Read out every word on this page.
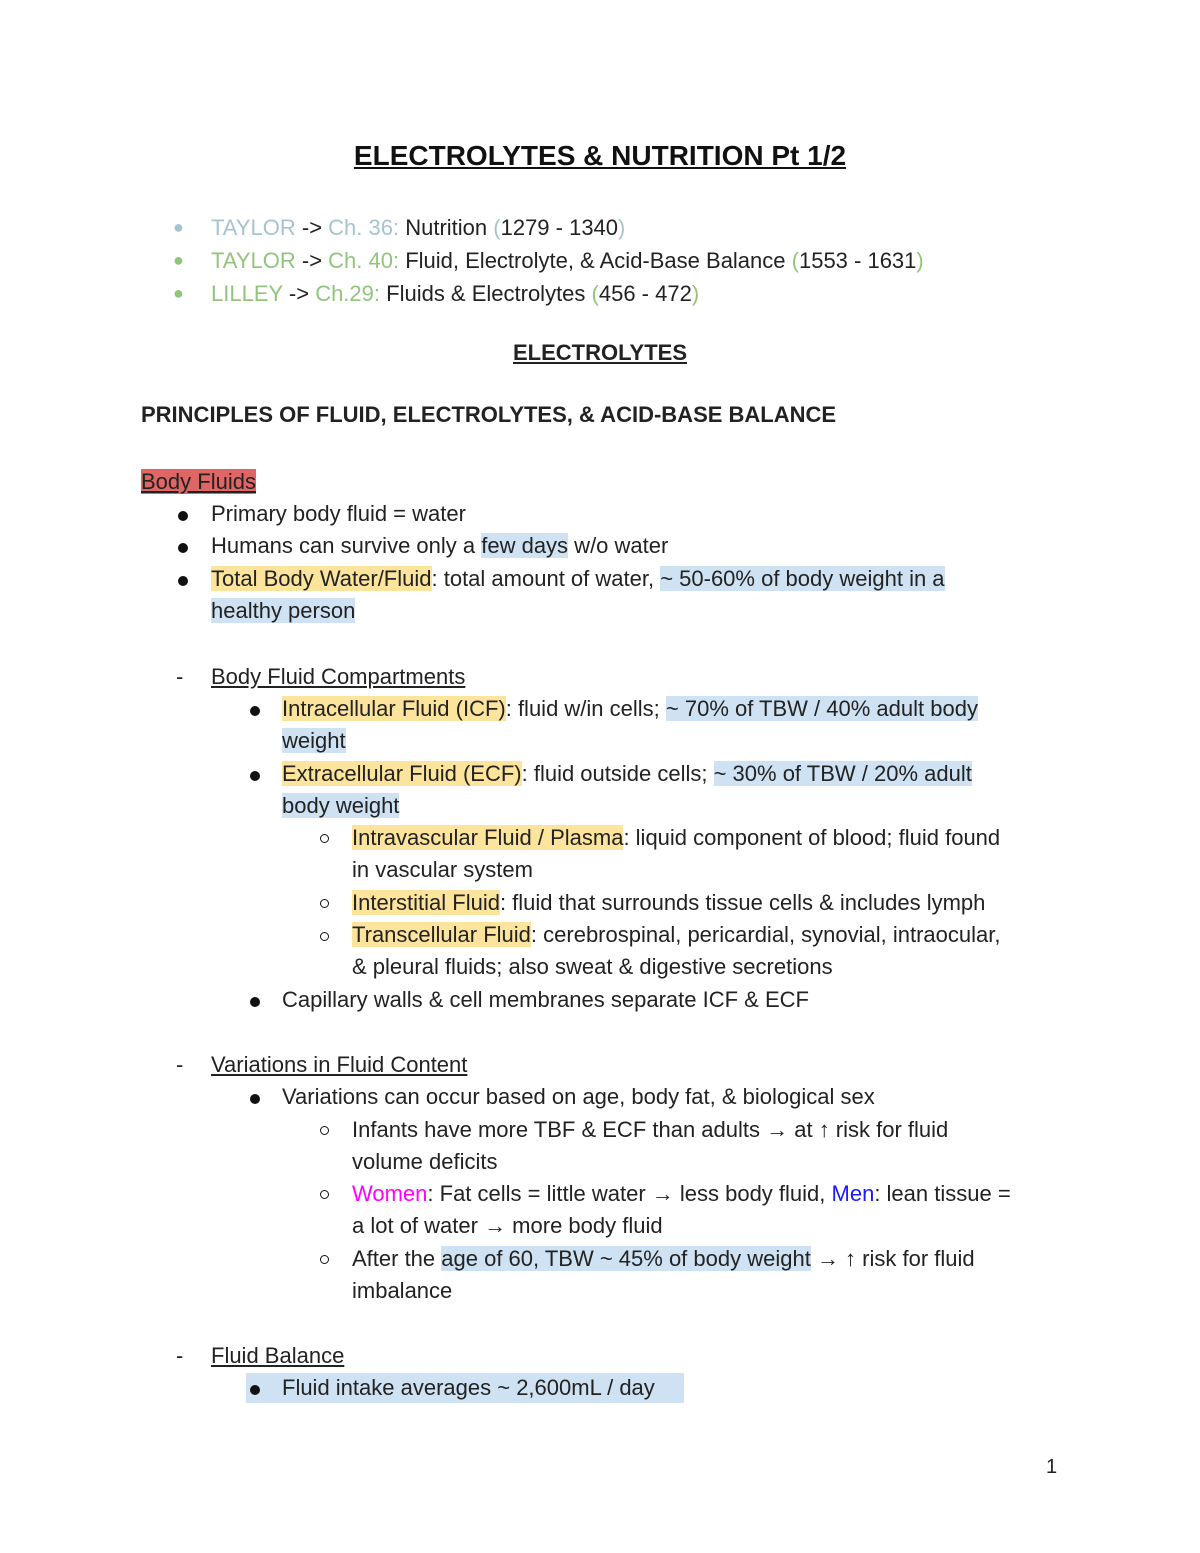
ELECTROLYTES & NUTRITION Pt 1/2
● TAYLOR -> Ch. 36: Nutrition (1279 - 1340)
● TAYLOR -> Ch. 40: Fluid, Electrolyte, & Acid-Base Balance (1553 - 1631)
● LILLEY -> Ch.29: Fluids & Electrolytes (456 - 472)
ELECTROLYTES
PRINCIPLES OF FLUID, ELECTROLYTES, & ACID-BASE BALANCE
Body Fluids
Primary body fluid = water
Humans can survive only a few days w/o water
Total Body Water/Fluid: total amount of water, ~ 50-60% of body weight in a
healthy person
- Body Fluid Compartments
Intracellular Fluid (ICF): fluid w/in cells; ~ 70% of TBW / 40% adult body
weight
Extracellular Fluid (ECF): fluid outside cells; ~ 30% of TBW / 20% adult
body weight
Intravascular Fluid / Plasma: liquid component of blood; fluid found
in vascular system
Interstitial Fluid: fluid that surrounds tissue cells & includes lymph
Transcellular Fluid: cerebrospinal, pericardial, synovial, intraocular,
& pleural fluids; also sweat & digestive secretions
Capillary walls & cell membranes separate ICF & ECF
- Variations in Fluid Content
Variations can occur based on age, body fat, & biological sex
Infants have more TBF & ECF than adults → at ↑ risk for fluid
volume deficits
Women: Fat cells = little water → less body fluid, Men: lean tissue =
a lot of water → more body fluid
After the age of 60, TBW ~ 45% of body weight → ↑ risk for fluid
imbalance
- Fluid Balance
Fluid intake averages ~ 2,600mL / day
1
